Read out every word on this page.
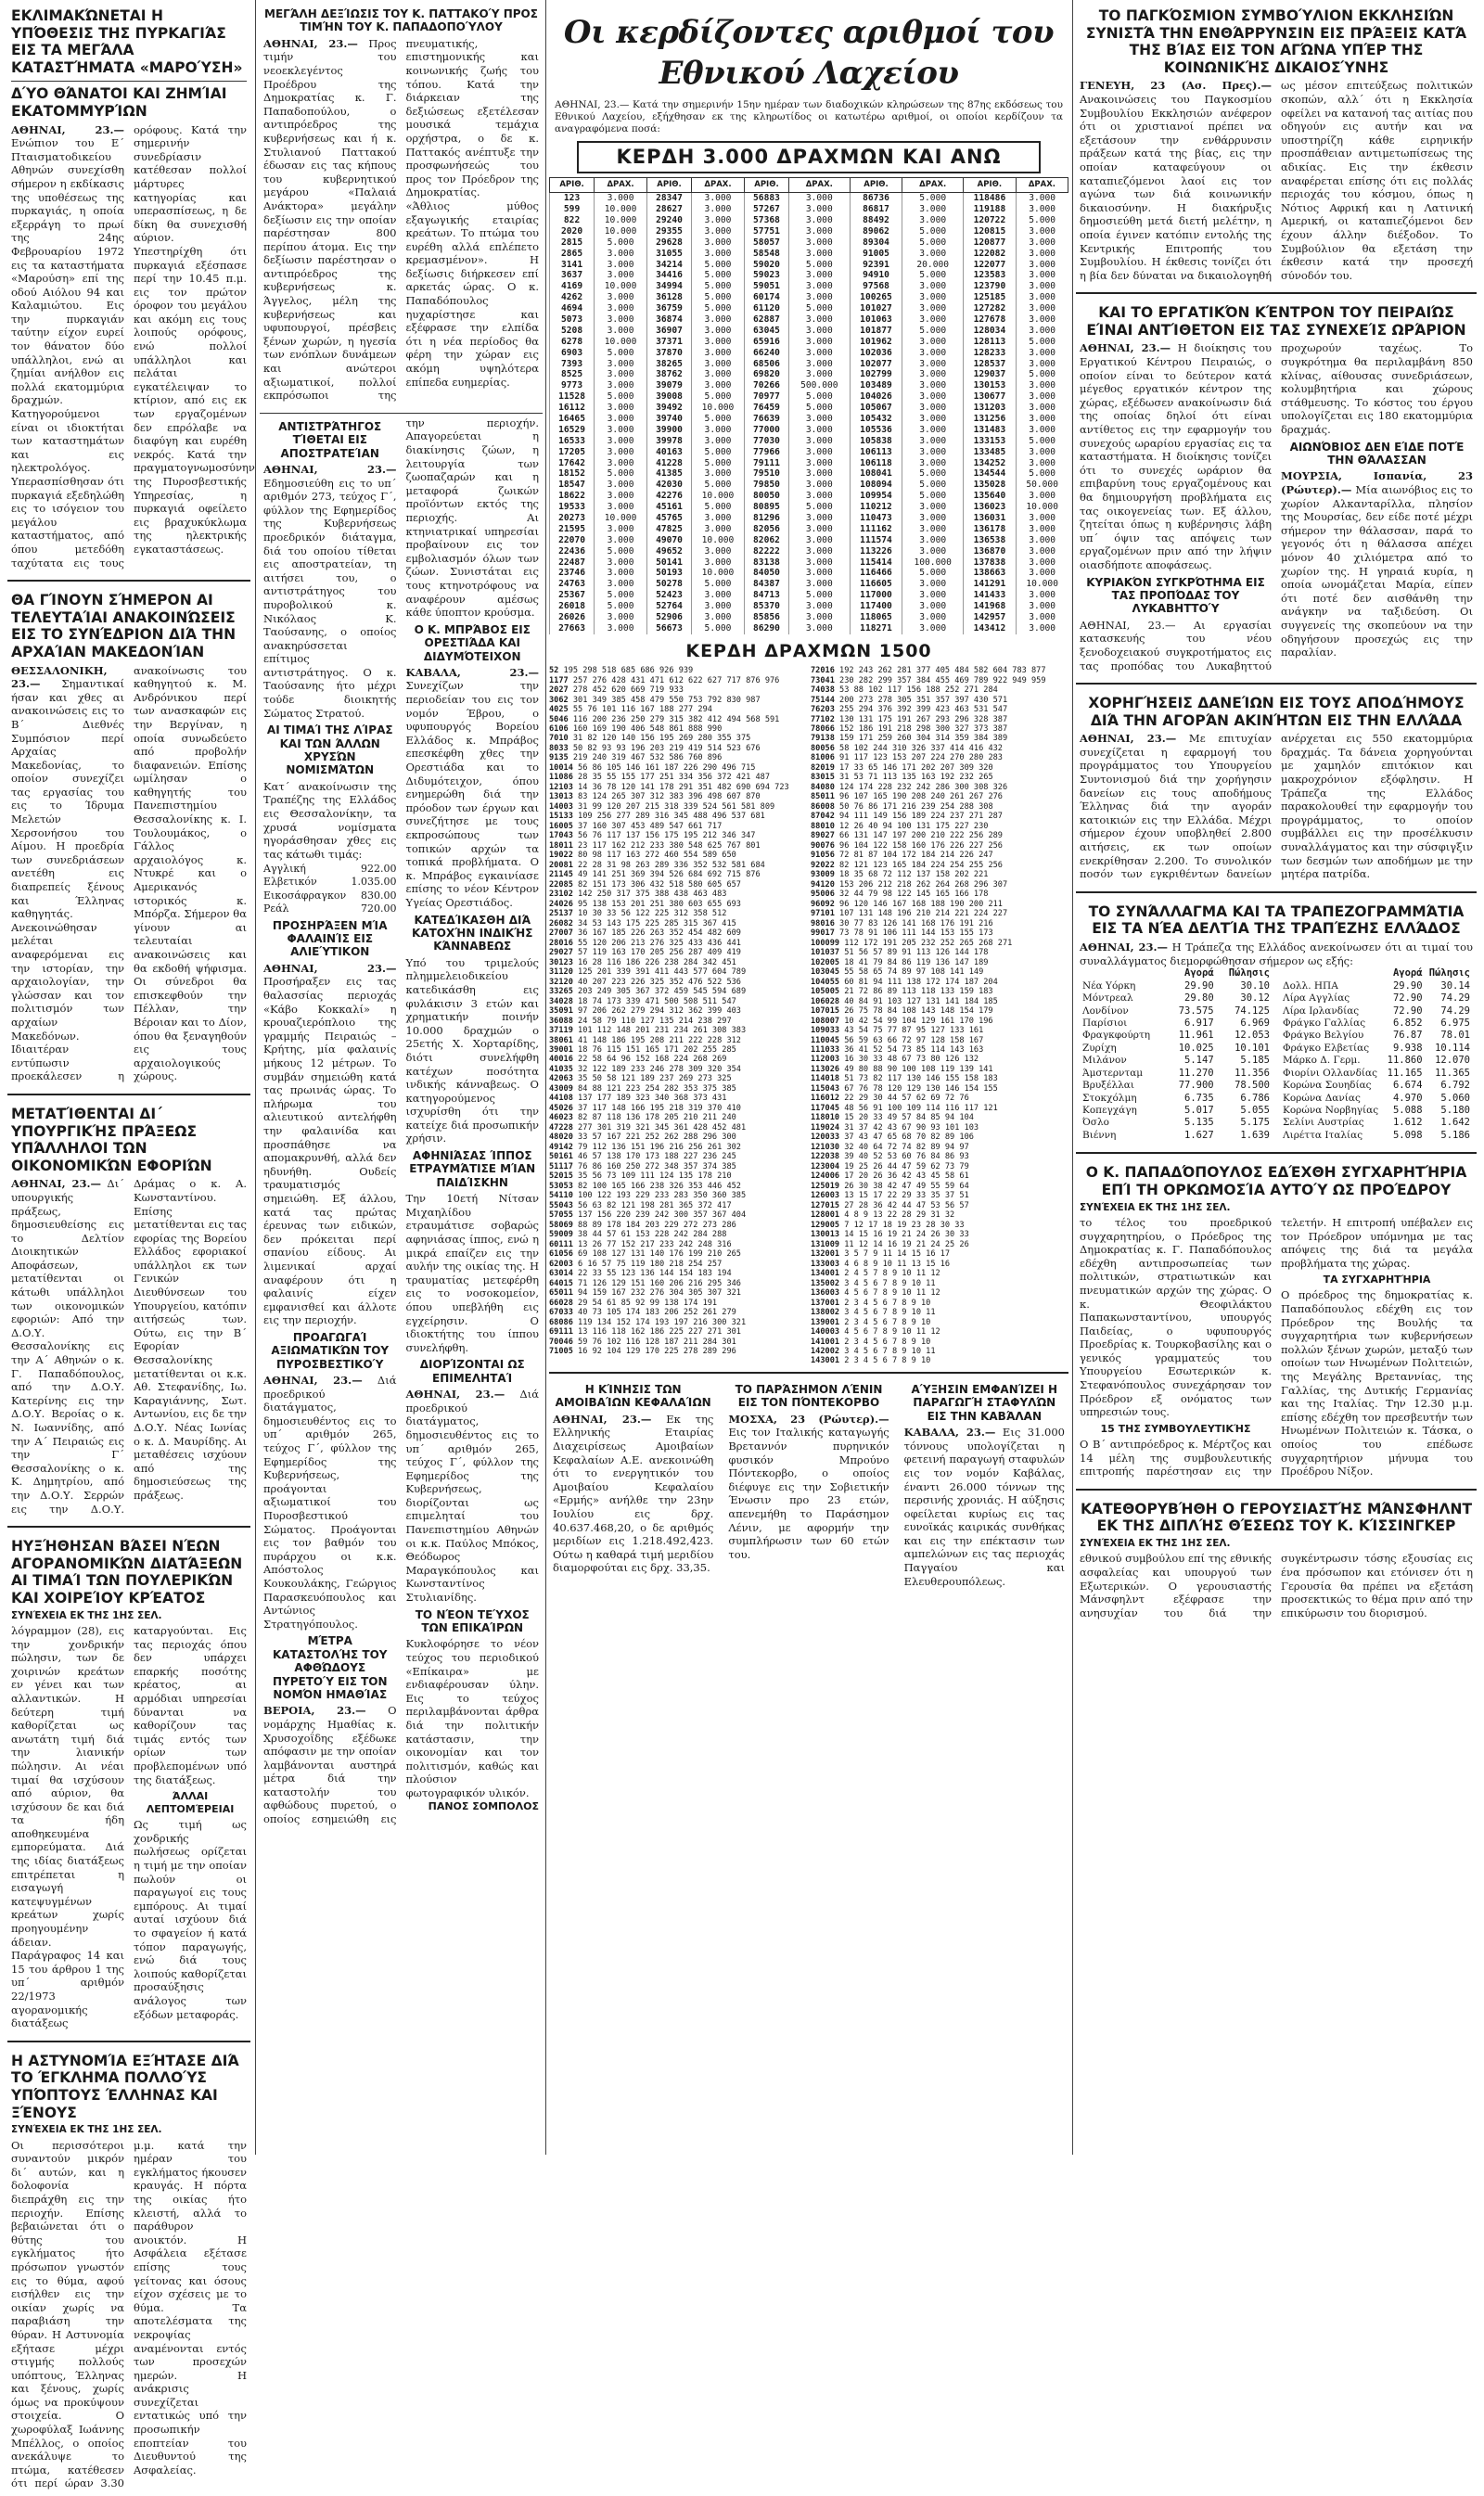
ΕΚΛΙΜΑΚΏΝΕΤΑΙ Η ΥΠΌΘΕΣΙΣ ΤΗΣ ΠΥΡΚΑΓΙΆΣ ΕΙΣ ΤΑ ΜΕΓΆΛΑ ΚΑΤΑΣΤΉΜΑΤΑ «ΜΑΡΟΎΣΗ»
ΔΎΟ ΘΆΝΑΤΟΙ ΚΑΙ ΖΗΜΊΑΙ ΕΚΑΤΟΜΜΥΡΊΩΝ

ΑΘΗΝΑΙ, 23.— Ενώπιον του Ε΄ Πταισματοδικείου Αθηνών συνεχίσθη σήμερον η εκδίκασις της υποθέσεως της πυρκαγιάς, η οποία εξερράγη το πρωί της 24ης Φεβρουαρίου 1972 εις τα καταστήματα «Μαρούση» επί της οδού Αιόλου 94 και Καλαμιώτου. Εις την πυρκαγιάν ταύτην είχον ευρεί τον θάνατον δύο υπάλληλοι, ενώ αι ζημίαι ανήλθον εις πολλά εκατομμύρια δραχμών. Κατηγορούμενοι είναι οι ιδιοκτήται των καταστημάτων και εις ηλεκτρολόγος. Υπερασπίσθησαν ότι πυρκαγιά εξεδηλώθη εις το ισόγειον του μεγάλου καταστήματος, από όπου μετεδόθη ταχύτατα εις τους ορόφους. Κατά την σημερινήν συνεδρίασιν κατέθεσαν πολλοί μάρτυρες κατηγορίας και υπερασπίσεως, η δε δίκη θα συνεχισθή αύριον.

Υπεστηρίχθη ότι πυρκαγιά εξέσπασε περί την 10.45 π.μ. εις τον πρώτον όροφον του μεγάλου και ακόμη εις τους λοιπούς ορόφους, ενώ πολλοί υπάλληλοι και πελάται εγκατέλειψαν το κτίριον, από εις εκ των εργαζομένων δεν επρόλαβε να διαφύγη και ευρέθη νεκρός. Κατά την πραγματογνωμοσύνην της Πυροσβεστικής Υπηρεσίας, η πυρκαγιά οφείλετο εις βραχυκύκλωμα της ηλεκτρικής εγκαταστάσεως.

ΘΑ ΓΊΝΟΥΝ ΣΉΜΕΡΟΝ ΑΙ ΤΕΛΕΥΤΑΊΑΙ ΑΝΑΚΟΙΝΏΣΕΙΣ ΕΙΣ ΤΟ ΣΥΝΈΔΡΙΟΝ ΔΙΆ ΤΗΝ ΑΡΧΑΊΑΝ ΜΑΚΕΔΟΝΊΑΝ

ΘΕΣΣΑΛΟΝΙΚΗ, 23.— Σημαντικαί ήσαν και χθες αι ανακοινώσεις εις το Β΄ Διεθνές Συμπόσιον περί Αρχαίας Μακεδονίας, το οποίον συνεχίζει τας εργασίας του εις το Ίδρυμα Μελετών Χερσονήσου του Αίμου. Η προεδρία των συνεδριάσεων ανετέθη εις διαπρεπείς ξένους και Έλληνας καθηγητάς. Ανεκοινώθησαν μελέται αναφερόμεναι εις την ιστορίαν, την αρχαιολογίαν, την γλώσσαν και τον πολιτισμόν των αρχαίων Μακεδόνων. Ιδιαιτέραν εντύπωσιν προεκάλεσεν η ανακοίνωσις του καθηγητού κ. Μ. Ανδρόνικου περί των ανασκαφών εις την Βεργίναν, η οποία συνωδεύετο από προβολήν διαφανειών. Επίσης ωμίλησαν ο καθηγητής του Πανεπιστημίου Θεσσαλονίκης κ. Ι. Τουλουμάκος, ο Γάλλος αρχαιολόγος κ. Ντυκρέ και ο Αμερικανός ιστορικός κ. Μπόρζα. Σήμερον θα γίνουν αι τελευταίαι ανακοινώσεις και θα εκδοθή ψήφισμα. Οι σύνεδροι θα επισκεφθούν την Πέλλαν, την Βέροιαν και το Δίον, όπου θα ξεναγηθούν εις τους αρχαιολογικούς χώρους.

ΜΕΤΑΤΊΘΕΝΤΑΙ ΔΙ΄ ΥΠΟΥΡΓΙΚΉΣ ΠΡΆΞΕΩΣ ΥΠΆΛΛΗΛΟΙ ΤΩΝ ΟΙΚΟΝΟΜΙΚΏΝ ΕΦΟΡΙΏΝ

ΑΘΗΝΑΙ, 23.— Δι΄ υπουργικής πράξεως, δημοσιευθείσης εις το Δελτίον Διοικητικών Αποφάσεων, μετατίθενται οι κάτωθι υπάλληλοι των οικονομικών εφοριών: Από την Δ.Ο.Υ. Θεσσαλονίκης εις την Α΄ Αθηνών ο κ. Γ. Παπαδόπουλος, από την Δ.Ο.Υ. Κατερίνης εις την Δ.Ο.Υ. Βεροίας ο κ. Ν. Ιωαννίδης, από την Α΄ Πειραιώς εις την Γ΄ Θεσσαλονίκης ο κ. Κ. Δημητρίου, από την Δ.Ο.Υ. Σερρών εις την Δ.Ο.Υ. Δράμας ο κ. Α. Κωνσταντίνου. Επίσης μετατίθενται εις τας εφορίας της Βορείου Ελλάδος εφοριακοί υπάλληλοι εκ των Γενικών Διευθύνσεων του Υπουργείου, κατόπιν αιτήσεώς των. Ούτω, εις την Β΄ Εφορίαν Θεσσαλονίκης μετατίθενται οι κ.κ. Αθ. Στεφανίδης, Ιω. Καραγιάννης, Σωτ. Αντωνίου, εις δε την Δ.Ο.Υ. Νέας Ιωνίας ο κ. Δ. Μαυρίδης. Αι μεταθέσεις ισχύουν από της δημοσιεύσεως της πράξεως.

ΗΥΞΉΘΗΣΑΝ ΒΆΣΕΙ ΝΈΩΝ ΑΓΟΡΑΝΟΜΙΚΏΝ ΔΙΑΤΆΞΕΩΝ ΑΙ ΤΙΜΑΊ ΤΩΝ ΠΟΥΛΕΡΙΚΏΝ ΚΑΙ ΧΟΙΡΕΊΟΥ ΚΡΈΑΤΟΣ
ΣΥΝΈΧΕΙΑ ΕΚ ΤΗΣ 1ΗΣ ΣΕΛ.

λόγραμμον (28), εις την χονδρικήν πώλησιν, των δε χοιρινών κρεάτων εν γένει και των αλλαντικών. Η δεύτερη τιμή καθορίζεται ως ανωτάτη τιμή διά την λιανικήν πώλησιν. Αι νέαι τιμαί θα ισχύσουν από αύριον, θα ισχύσουν δε και διά τα ήδη αποθηκευμένα εμπορεύματα. Διά της ιδίας διατάξεως επιτρέπεται η εισαγωγή κατεψυγμένων κρεάτων χωρίς προηγουμένην άδειαν. Παράγραφος 14 και 15 του άρθρου 1 της υπ΄ αριθμόν 22/1973 αγορανομικής διατάξεως καταργούνται. Εις τας περιοχάς όπου δεν υπάρχει επαρκής ποσότης κρέατος, αι αρμόδιαι υπηρεσίαι δύνανται να καθορίζουν τας τιμάς εντός των ορίων των προβλεπομένων υπό της διατάξεως.

ΆΛΛΑΙ ΛΕΠΤΟΜΈΡΕΙΑΙ

Ως τιμή ως χονδρικής πωλήσεως ορίζεται η τιμή με την οποίαν πωλούν οι παραγωγοί εις τους εμπόρους. Αι τιμαί αυταί ισχύουν διά το σφαγείον ή κατά τόπον παραγωγής, ενώ διά τους λοιπούς καθορίζεται προσαύξησις ανάλογος των εξόδων μεταφοράς.

Η ΑΣΤΥΝΟΜΊΑ ΕΞΉΤΑΣΕ ΔΙΆ ΤΟ ΈΓΚΛΗΜΑ ΠΟΛΛΟΎΣ ΥΠΌΠΤΟΥΣ ΈΛΛΗΝΑΣ ΚΑΙ ΞΈΝΟΥΣ
ΣΥΝΈΧΕΙΑ ΕΚ ΤΗΣ 1ΗΣ ΣΕΛ.

Οι περισσότεροι συναντούν μικρόν δι΄ αυτών, και η δολοφονία διεπράχθη εις την περιοχήν. Επίσης βεβαιώνεται ότι ο θύτης του εγκλήματος ήτο πρόσωπον γνωστόν εις το θύμα, αφού εισήλθεν εις την οικίαν χωρίς να παραβιάση την θύραν. Η Αστυνομία εξήτασε μέχρι στιγμής πολλούς υπόπτους, Έλληνας και ξένους, χωρίς όμως να προκύψουν στοιχεία. Ο χωροφύλαξ Ιωάννης Μπέλλος, ο οποίος ανεκάλυψε το πτώμα, κατέθεσεν ότι περί ώραν 3.30 μ.μ. κατά την ημέραν του εγκλήματος ήκουσεν κραυγάς. Η πόρτα της οικίας ήτο κλειστή, αλλά το παράθυρον ανοικτόν. Η Ασφάλεια εξέτασε επίσης τους γείτονας και όσους είχον σχέσεις με το θύμα. Τα αποτελέσματα της νεκροψίας αναμένονται εντός των προσεχών ημερών. Η ανάκρισις συνεχίζεται εντατικώς υπό την προσωπικήν εποπτείαν του Διευθυντού της Ασφαλείας.

ΜΕΓΆΛΗ ΔΕΞΊΩΣΙΣ ΤΟΥ Κ. ΠΑΤΤΑΚΟΎ ΠΡΟΣ ΤΙΜΉΝ ΤΟΥ Κ. ΠΑΠΑΔΟΠΟΎΛΟΥ

ΑΘΗΝΑΙ, 23.— Προς τιμήν του νεοεκλεγέντος Προέδρου της Δημοκρατίας κ. Γ. Παπαδοπούλου, ο αντιπρόεδρος της κυβερνήσεως και ή κ. Στυλιανού Παττακού έδωσαν εις τας κήπους του κυβερνητικού μεγάρου «Παλαιά Ανάκτορα» μεγάλην δεξίωσιν εις την οποίαν παρέστησαν 800 περίπου άτομα. Εις την δεξίωσιν παρέστησαν ο αντιπρόεδρος της κυβερνήσεως κ. Άγγελος, μέλη της κυβερνήσεως και υφυπουργοί, πρέσβεις ξένων χωρών, η ηγεσία των ενόπλων δυνάμεων και ανώτεροι αξιωματικοί, πολλοί εκπρόσωποι της πνευματικής, επιστημονικής και κοινωνικής ζωής του τόπου. Κατά την διάρκειαν της δεξιώσεως εξετέλεσαν μουσικά τεμάχια ορχήστρα, ο δε κ. Παττακός ανέπτυξε την προσφωνήσεώς του προς τον Πρόεδρον της Δημοκρατίας.

«Άθλιος μύθος εξαγωγικής εταιρίας κρεάτων. Το πτώμα του ευρέθη αλλά επλέπετο κρεμασμένον». Η δεξίωσις διήρκεσεν επί αρκετάς ώρας. Ο κ. Παπαδόπουλος ηυχαρίστησε και εξέφρασε την ελπίδα ότι η νέα περίοδος θα φέρη την χώραν εις ακόμη υψηλότερα επίπεδα ευημερίας.

ΑΝΤΙΣΤΡΆΤΗΓΟΣ ΤΊΘΕΤΑΙ ΕΙΣ ΑΠΟΣΤΡΑΤΕΊΑΝ

ΑΘΗΝΑΙ, 23.— Εδημοσιεύθη εις το υπ΄ αριθμόν 273, τεύχος Γ΄, φύλλον της Εφημερίδος της Κυβερνήσεως προεδρικόν διάταγμα, διά του οποίου τίθεται εις αποστρατείαν, τη αιτήσει του, ο αντιστράτηγος του πυροβολικού κ. Νικόλαος Κ. Ταούσανης, ο οποίος ανακηρύσσεται επίτιμος αντιστράτηγος. Ο κ. Ταούσανης ήτο μέχρι τούδε διοικητής Σώματος Στρατού.

ΑΙ ΤΙΜΑΊ ΤΗΣ ΛΊΡΑΣ ΚΑΙ ΤΩΝ ΆΛΛΩΝ ΧΡΥΣΏΝ ΝΟΜΙΣΜΆΤΩΝ

Κατ΄ ανακοίνωσιν της Τραπέζης της Ελλάδος εις Θεσσαλονίκην, τα χρυσά νομίσματα ηγοράσθησαν χθες εις τας κάτωθι τιμάς:

Αγγλική	922.00
Ελβετικόν	1.035.00
Εικοσάφραγκον 830.00
Ρεάλ	720.00
ΠΡΟΣΗΡΆΞΕΝ ΜΊΑ ΦΑΛΑΙΝΊΣ ΕΙΣ ΑΛΙΕΎΤΙΚΟΝ

ΑΘΗΝΑΙ, 23.— Προσήραξεν εις τας θαλασσίας περιοχάς «Κάβο Κοκκαλί» η κρουαζιερόπλοιο της γραμμής Πειραιώς – Κρήτης, μία φαλαινίς μήκους 12 μέτρων. Το συμβάν σημειώθη κατά τας πρωινάς ώρας. Το πλήρωμα του αλιευτικού αντελήφθη την φαλαινίδα και προσπάθησε να απομακρυνθή, αλλά δεν ηδυνήθη. Ουδείς τραυματισμός σημειώθη. Εξ άλλου, κατά τας πρώτας έρευνας των ειδικών, δεν πρόκειται περί σπανίου είδους. Αι λιμενικαί αρχαί αναφέρουν ότι η φαλαινίς είχεν εμφανισθεί και άλλοτε εις την περιοχήν.

ΠΡΟΑΓΩΓΑΊ ΑΞΙΩΜΑΤΙΚΏΝ ΤΟΥ ΠΥΡΟΣΒΕΣΤΙΚΟΎ

ΑΘΗΝΑΙ, 23.— Διά προεδρικού διατάγματος, δημοσιευθέντος εις το υπ΄ αριθμόν 265, τεύχος Γ΄, φύλλον της Εφημερίδος της Κυβερνήσεως, προάγονται αξιωματικοί του Πυροσβεστικού Σώματος. Προάγονται εις τον βαθμόν του πυράρχου οι κ.κ. Απόστολος Κουκουλάκης, Γεώργιος Παρασκευόπουλος και Αντώνιος Στρατηγόπουλος.

ΜΈΤΡΑ ΚΑΤΑΣΤΟΛΉΣ ΤΟΥ ΑΦΘΏΔΟΥΣ ΠΥΡΕΤΟΎ ΕΙΣ ΤΟΝ ΝΟΜΌΝ ΗΜΑΘΊΑΣ

ΒΕΡΟΙΑ, 23.— Ο νομάρχης Ημαθίας κ. Χρυσοχοΐδης εξέδωκε απόφασιν με την οποίαν λαμβάνονται αυστηρά μέτρα διά την καταστολήν του αφθώδους πυρετού, ο οποίος εσημειώθη εις την περιοχήν. Απαγορεύεται η διακίνησις ζώων, η λειτουργία των ζωοπαζαρών και η μεταφορά ζωικών προϊόντων εκτός της περιοχής. Αι κτηνιατρικαί υπηρεσίαι προβαίνουν εις τον εμβολιασμόν όλων των ζώων. Συνιστάται εις τους κτηνοτρόφους να αναφέρουν αμέσως κάθε ύποπτον κρούσμα.

Ο Κ. ΜΠΡΆΒΟΣ ΕΙΣ ΟΡΕΣΤΙΆΔΑ ΚΑΙ ΔΙΔΥΜΌΤΕΙΧΟΝ

ΚΑΒΑΛΑ, 23.— Συνεχίζων την περιοδείαν του εις τον νομόν Έβρου, ο υφυπουργός Βορείου Ελλάδος κ. Μπράβος επεσκέφθη χθες την Ορεστιάδα και το Διδυμότειχον, όπου ενημερώθη διά την πρόοδον των έργων και συνεζήτησε με τους εκπροσώπους των τοπικών αρχών τα τοπικά προβλήματα. Ο κ. Μπράβος εγκαινίασε επίσης το νέον Κέντρον Υγείας Ορεστιάδος.

ΚΑΤΕΔΊΚΑΣΘΗ ΔΙΆ ΚΑΤΟΧΉΝ ΙΝΔΙΚΉΣ ΚΆΝΝΑΒΕΩΣ

Υπό του τριμελούς πλημμελειοδικείου κατεδικάσθη εις φυλάκισιν 3 ετών και χρηματικήν ποινήν 10.000 δραχμών ο 25ετής Χ. Χορταρίδης, διότι συνελήφθη κατέχων ποσότητα ινδικής κάνναβεως. Ο κατηγορούμενος ισχυρίσθη ότι την κατείχε διά προσωπικήν χρήσιν.

ΑΦΗΝΙΆΣΑΣ ΊΠΠΟΣ ΕΤΡΑΥΜΆΤΙΣΕ ΜΊΑΝ ΠΑΙΔΊΣΚΗΝ

Την 10ετή Νίτσαν Μιχαηλίδου ετραυμάτισε σοβαρώς αφηνιάσας ίππος, ενώ η μικρά επαίζεν εις την αυλήν της οικίας της. Η τραυματίας μετεφέρθη εις το νοσοκομείον, όπου υπεβλήθη εις εγχείρησιν. Ο ιδιοκτήτης του ίππου συνελήφθη.

ΔΙΟΡΊΖΟΝΤΑΙ ΩΣ ΕΠΙΜΕΛΗΤΑΊ

ΑΘΗΝΑΙ, 23.— Διά προεδρικού διατάγματος, δημοσιευθέντος εις το υπ΄ αριθμόν 265, τεύχος Γ΄, φύλλον της Εφημερίδος της Κυβερνήσεως, διορίζονται ως επιμεληταί του Πανεπιστημίου Αθηνών οι κ.κ. Παύλος Μπόκος, Θεόδωρος Μαραγκόπουλος και Κωνσταντίνος Στυλιανίδης.

ΤΟ ΝΈΟΝ ΤΕΎΧΟΣ ΤΩΝ ΕΠΙΚΑΊΡΩΝ

Κυκλοφόρησε το νέον τεύχος του περιοδικού «Επίκαιρα» με ενδιαφέρουσαν ύλην. Εις το τεύχος περιλαμβάνονται άρθρα διά την πολιτικήν κατάστασιν, την οικονομίαν και τον πολιτισμόν, καθώς και πλούσιον φωτογραφικόν υλικόν.

ΠΑΝΟΣ ΣΟΜΠΟΛΟΣ
Οι κερδίζοντες αριθμοί του Εθνικού Λαχείου

ΑΘΗΝΑΙ, 23.— Κατά την σημερινήν 15ην ημέραν των διαδοχικών κληρώσεων της 87ης εκδόσεως του Εθνικού Λαχείου, εξήχθησαν εκ της κληρωτίδος οι κατωτέρω αριθμοί, οι οποίοι κερδίζουν τα αναγραφόμενα ποσά:

ΚΕΡΔΗ 3.000 ΔΡΑΧΜΩΝ ΚΑΙ ΑΝΩ
ΑΡΙΘ.	ΔΡΑΧ.	ΑΡΙΘ.	ΔΡΑΧ.	ΑΡΙΘ.	ΔΡΑΧ.	ΑΡΙΘ.	ΔΡΑΧ.	ΑΡΙΘ.	ΔΡΑΧ.
123	3.000	28347	3.000	56883	3.000	86736	5.000	118486	3.000
599	10.000	28627	3.000	57267	3.000	86817	3.000	119188	3.000
822	10.000	29240	3.000	57368	3.000	88492	3.000	120722	5.000
2020	10.000	29355	3.000	57751	3.000	89062	5.000	120815	3.000
2815	5.000	29628	3.000	58057	3.000	89304	5.000	120877	3.000
2865	3.000	31055	3.000	58548	3.000	91005	3.000	122082	3.000
3141	3.000	34214	5.000	59020	5.000	92391	20.000	122077	3.000
3637	3.000	34416	5.000	59023	3.000	94910	5.000	123583	3.000
4169	10.000	34994	5.000	59051	3.000	97568	3.000	123790	3.000
4262	3.000	36128	5.000	60174	3.000	100265	3.000	125185	3.000
4694	3.000	36759	5.000	61120	5.000	101027	3.000	127282	3.000
5073	3.000	36874	3.000	62887	3.000	101063	3.000	127678	3.000
5208	3.000	36907	3.000	63045	3.000	101877	5.000	128034	3.000
6278	10.000	37371	3.000	65916	3.000	101962	3.000	128113	5.000
6903	5.000	37870	3.000	66240	3.000	102036	3.000	128233	3.000
7393	3.000	38265	3.000	68506	3.000	102077	3.000	128537	3.000
8525	3.000	38762	3.000	69820	3.000	102799	3.000	129037	5.000
9773	3.000	39079	3.000	70266	500.000	103489	3.000	130153	3.000
11528	5.000	39008	5.000	70977	5.000	104026	3.000	130677	3.000
16112	3.000	39492	10.000	76459	5.000	105067	3.000	131203	3.000
16465	3.000	39740	5.000	76639	3.000	105432	3.000	131256	3.000
16529	3.000	39900	3.000	77000	3.000	105536	3.000	131483	3.000
16533	3.000	39978	3.000	77030	3.000	105838	3.000	133153	5.000
17205	3.000	40163	5.000	77966	3.000	106113	3.000	133485	3.000
17642	3.000	41228	5.000	79111	3.000	106118	3.000	134252	3.000
18152	5.000	41385	3.000	79510	3.000	108041	5.000	134544	5.000
18547	3.000	42030	5.000	79850	3.000	108094	5.000	135028	50.000
18622	3.000	42276	10.000	80050	3.000	109954	5.000	135640	3.000
19533	3.000	45161	5.000	80895	5.000	110212	3.000	136023	10.000
20273	10.000	45765	3.000	81296	3.000	110473	3.000	136031	3.000
21595	3.000	47825	3.000	82056	3.000	111162	3.000	136178	3.000
22070	3.000	49070	10.000	82062	3.000	111574	3.000	136538	3.000
22436	5.000	49652	3.000	82222	3.000	113226	3.000	136870	3.000
22487	3.000	50141	3.000	83138	3.000	115414	100.000	137838	3.000
23746	3.000	50193	10.000	84050	3.000	116466	5.000	138663	3.000
24763	3.000	50278	5.000	84387	3.000	116605	3.000	141291	10.000
25367	5.000	52423	3.000	84713	5.000	117000	3.000	141433	3.000
26018	5.000	52764	3.000	85370	3.000	117400	3.000	141968	3.000
26026	3.000	52906	3.000	85856	3.000	118065	3.000	142957	3.000
27663	3.000	56673	5.000	86290	3.000	118271	3.000	143412	3.000
ΚΕΡΔΗ ΔΡΑΧΜΩΝ 1500
52 195 298 518 685 686 926 939
1177 257 276 428 431 471 612 622 627 717 876 976
2027 278 452 620 669 719 933
3062 301 349 385 458 479 550 753 792 830 987
4025 55 76 101 116 167 188 277 294
5046 116 200 236 250 279 315 382 412 494 568 591
6106 160 169 190 406 548 861 888 990
7010 31 82 120 140 156 195 269 280 355 375
8033 50 82 93 93 196 203 219 419 514 523 676
9135 219 240 319 467 532 586 760 896
10014 56 86 105 146 161 187 226 290 496 715
11086 28 35 55 155 177 251 334 356 372 421 487
12103 14 36 78 120 141 178 291 351 482 690 694 723
13013 83 124 265 307 312 383 396 498 607 870
14003 31 99 120 207 215 318 339 524 561 581 809
15133 109 256 277 289 316 345 488 496 537 681
16005 37 160 307 453 489 547 661 717
17043 56 76 117 137 156 175 195 212 346 347
18011 23 117 162 212 233 380 548 625 767 801
19022 80 98 117 163 272 460 554 589 650
20081 22 28 31 98 263 289 336 352 532 581 684
21145 49 141 251 369 394 526 684 692 715 876
22085 82 151 173 306 432 518 580 605 657
23102 142 250 317 375 388 438 463 483
24026 95 138 153 201 251 380 603 655 693
25137 10 30 33 56 122 225 312 358 512
26082 34 53 143 175 225 285 315 367 415
27007 36 167 185 226 263 352 454 482 609
28016 55 120 206 213 276 325 433 436 441
29027 57 119 163 170 205 256 287 409 419
30123 16 28 116 186 226 238 284 342 451
31120 125 201 339 391 411 443 577 604 789
32120 40 207 223 226 325 352 476 522 536
33265 203 249 305 367 372 459 545 594 689
34028 18 74 173 339 471 500 508 511 547
35091 97 206 262 279 294 312 362 399 403
36088 24 58 79 110 127 135 214 238 297
37119 101 112 148 201 231 234 261 308 383
38061 41 148 186 195 208 211 222 228 312
39001 18 76 115 151 165 171 202 255 285
40016 22 58 64 96 152 168 224 268 269
41035 32 122 189 233 246 278 309 320 354
42063 35 50 58 121 189 237 269 273 325
43009 84 88 121 223 254 282 353 375 385
44108 137 177 189 323 340 368 373 431
45026 37 117 148 166 195 218 319 370 410
46023 82 87 118 136 178 205 210 211 240
47228 277 301 319 321 345 361 428 452 481
48020 33 57 167 221 252 262 288 296 300
49142 79 112 136 151 196 216 256 261 302
50161 46 57 138 170 173 188 227 236 245
51117 76 86 160 250 272 348 357 374 385
52015 35 56 73 109 111 124 135 178 210
53053 82 100 165 166 238 326 353 446 452
54110 100 122 193 229 233 283 350 360 385
55043 56 63 82 121 198 281 365 372 417
57055 137 156 220 239 242 300 357 367 404
58069 88 89 178 184 203 229 272 273 286
59009 38 44 57 61 153 228 242 284 288
60111 13 26 77 152 217 233 242 248 316
61056 69 108 127 131 140 176 199 210 265
62003 6 16 57 75 119 180 218 254 257
63014 22 33 55 123 136 144 154 183 194
64015 71 126 129 151 160 206 216 295 346
65011 94 159 167 232 276 304 305 307 321
66028 29 54 61 85 92 99 138 174 191
67033 40 73 105 174 183 206 252 261 279
68086 119 134 152 174 193 197 216 300 321
69111 13 116 118 162 186 225 227 271 301
70046 59 76 102 116 128 187 211 284 301
71005 16 92 104 129 170 225 278 289 296
72016 192 243 262 281 377 405 484 582 604 783 877
73041 230 282 299 357 384 455 469 789 922 949 959
74038 53 88 102 117 156 188 252 271 284
75144 200 273 278 305 351 357 397 430 571
76203 255 294 376 392 399 423 463 531 547
77102 130 131 175 191 267 293 296 328 387
78066 152 186 191 218 298 300 327 373 387
79138 159 171 259 260 304 314 359 384 389
80056 58 102 244 310 326 337 414 416 432
81006 91 117 123 153 207 224 270 280 283
82019 17 33 65 146 171 202 207 309 320
83015 31 53 71 113 135 163 192 232 265
84080 124 174 228 232 242 286 300 308 326
85011 96 107 165 190 208 240 261 267 276
86008 50 76 86 171 216 239 254 288 308
87042 94 111 149 156 189 224 237 271 287
88010 12 26 40 94 100 131 175 227 230
89027 66 131 147 197 200 210 222 256 289
90076 96 104 122 158 160 176 226 227 256
91056 72 81 87 104 172 184 214 226 247
92022 82 121 123 165 184 224 254 255 256
93009 18 35 68 72 112 137 158 202 221
94120 153 206 212 218 262 264 268 296 307
95006 32 44 79 98 122 145 165 166 178
96092 96 120 146 167 168 188 190 200 211
97101 107 131 148 196 210 214 221 224 227
98016 30 77 83 126 141 168 176 191 216
99017 73 78 91 106 111 144 153 155 173
100099 112 172 191 205 232 252 265 268 271
101037 51 56 57 89 91 113 126 144 178
102005 18 41 79 84 86 119 136 147 189
103045 55 58 65 74 89 97 108 141 149
104055 60 81 94 111 138 172 174 187 204
105005 21 72 86 89 113 118 133 159 183
106028 40 84 91 103 127 131 141 184 185
107015 26 75 78 84 108 143 148 154 179
108007 10 42 54 99 104 129 161 170 196
109033 43 54 75 77 87 95 127 133 161
110045 56 59 63 66 72 97 128 158 167
111033 36 41 52 54 73 85 114 143 163
112003 16 30 33 48 67 73 80 126 132
113026 49 80 88 90 100 108 119 139 141
114018 51 73 82 117 130 146 155 158 183
115043 67 76 78 120 129 130 146 154 155
116012 22 29 30 44 57 62 69 72 76
117045 48 56 91 100 109 114 116 117 121
118010 15 20 33 49 57 84 85 94 104
119024 31 37 42 43 67 90 93 101 103
120033 37 43 47 65 68 70 82 89 106
121030 32 40 64 72 74 82 89 94 97
122038 39 40 52 53 60 76 84 86 93
123004 19 25 26 44 47 59 62 73 79
124006 17 20 26 36 42 43 45 58 61
125019 26 30 38 42 47 49 55 59 64
126003 13 15 17 22 29 33 35 37 51
127015 27 28 36 42 44 47 53 56 57
128001 4 8 9 13 22 28 29 31 32
129005 7 12 17 18 19 23 28 30 33
130013 14 15 16 19 21 24 26 30 33
131009 11 12 14 16 19 21 24 25 26
132001 3 5 7 9 11 14 15 16 17
133003 4 6 8 9 10 11 13 15 16
134001 2 4 5 7 8 9 10 11 12
135002 3 4 5 6 7 8 9 10 11
136003 4 5 6 7 8 9 10 11 12
137001 2 3 4 5 6 7 8 9 10
138002 3 4 5 6 7 8 9 10 11
139001 2 3 4 5 6 7 8 9 10
140003 4 5 6 7 8 9 10 11 12
141001 2 3 4 5 6 7 8 9 10
142002 3 4 5 6 7 8 9 10 11
143001 2 3 4 5 6 7 8 9 10
Η ΚΊΝΗΣΙΣ ΤΩΝ ΑΜΟΙΒΑΊΩΝ ΚΕΦΑΛΑΊΩΝ

ΑΘΗΝΑΙ, 23.— Εκ της Ελληνικής Εταιρίας Διαχειρίσεως Αμοιβαίων Κεφαλαίων Α.Ε. ανεκοινώθη ότι το ενεργητικόν του Αμοιβαίου Κεφαλαίου «Ερμής» ανήλθε την 23ην Ιουλίου εις δρχ. 40.637.468,20, ο δε αριθμός μεριδίων εις 1.218.492,423. Ούτω η καθαρά τιμή μεριδίου διαμορφούται εις δρχ. 33,35.

ΤΟ ΠΑΡΆΣΗΜΟΝ ΛΈΝΙΝ ΕΙΣ ΤΟΝ ΠΌΝΤΕΚΟΡΒΟ

ΜΟΣΧΑ, 23 (Ρώυτερ).— Εις τον Ιταλικής καταγωγής Βρεταννόν πυρηνικόν φυσικόν Μπρούνο Πόντεκορβο, ο οποίος διέφυγε εις την Σοβιετικήν Ένωσιν προ 23 ετών, απενεμήθη το Παράσημον Λένιν, με αφορμήν την συμπλήρωσιν των 60 ετών του.

ΑΎΞΗΣΙΝ ΕΜΦΑΝΊΖΕΙ Η ΠΑΡΑΓΩΓΉ ΣΤΑΦΥΛΏΝ ΕΙΣ ΤΗΝ ΚΑΒΆΛΑΝ

ΚΑΒΑΛΑ, 23.— Εις 31.000 τόννους υπολογίζεται η φετεινή παραγωγή σταφυλών εις τον νομόν Καβάλας, έναντι 26.000 τόννων της περσινής χρονιάς. Η αύξησις οφείλεται κυρίως εις τας ευνοϊκάς καιρικάς συνθήκας και εις την επέκτασιν των αμπελώνων εις τας περιοχάς Παγγαίου και Ελευθερουπόλεως.

ΤΟ ΠΑΓΚΌΣΜΙΟΝ ΣΥΜΒΟΎΛΙΟΝ ΕΚΚΛΗΣΙΏΝ ΣΥΝΙΣΤΆ ΤΗΝ ΕΝΘΆΡΡΥΝΣΙΝ ΕΙΣ ΠΡΆΞΕΙΣ ΚΑΤΆ ΤΗΣ ΒΊΑΣ ΕΙΣ ΤΟΝ ΑΓΏΝΑ ΥΠΈΡ ΤΗΣ ΚΟΙΝΩΝΙΚΉΣ ΔΙΚΑΙΟΣΎΝΗΣ

ΓΕΝΕΥΗ, 23 (Ασ. Πρες).— Ανακοινώσεις του Παγκοσμίου Συμβουλίου Εκκλησιών ανέφερον ότι οι χριστιανοί πρέπει να εξετάσουν την ενθάρρυνσιν πράξεων κατά της βίας, εις την οποίαν καταφεύγουν οι καταπιεζόμενοι λαοί εις τον αγώνα των διά κοινωνικήν δικαιοσύνην. Η διακήρυξις δημοσιεύθη μετά διετή μελέτην, η οποία έγινεν κατόπιν εντολής της Κεντρικής Επιτροπής του Συμβουλίου. Η έκθεσις τονίζει ότι η βία δεν δύναται να δικαιολογηθή ως μέσον επιτεύξεως πολιτικών σκοπών, αλλ΄ ότι η Εκκλησία οφείλει να κατανοή τας αιτίας που οδηγούν εις αυτήν και να υποστηρίζη κάθε ειρηνικήν προσπάθειαν αντιμετωπίσεως της αδικίας. Εις την έκθεσιν αναφέρεται επίσης ότι εις πολλάς περιοχάς του κόσμου, όπως η Νότιος Αφρική και η Λατινική Αμερική, οι καταπιεζόμενοι δεν έχουν άλλην διέξοδον. Το Συμβούλιον θα εξετάση την έκθεσιν κατά την προσεχή σύνοδόν του.

ΚΑΙ ΤΟ ΕΡΓΑΤΙΚΌΝ ΚΈΝΤΡΟΝ ΤΟΥ ΠΕΙΡΑΙΏΣ ΕΊΝΑΙ ΑΝΤΊΘΕΤΟΝ ΕΙΣ ΤΑΣ ΣΥΝΕΧΕΊΣ ΩΡΆΡΙΟΝ

ΑΘΗΝΑΙ, 23.— Η διοίκησις του Εργατικού Κέντρου Πειραιώς, ο οποίον είναι το δεύτερον κατά μέγεθος εργατικόν κέντρον της χώρας, εξέδωσεν ανακοίνωσιν διά της οποίας δηλοί ότι είναι αντίθετος εις την εφαρμογήν του συνεχούς ωραρίου εργασίας εις τα καταστήματα. Η διοίκησις τονίζει ότι το συνεχές ωράριον θα επιβαρύνη τους εργαζομένους και θα δημιουργήση προβλήματα εις τας οικογενείας των. Εξ άλλου, ζητείται όπως η κυβέρνησις λάβη υπ΄ όψιν τας απόψεις των εργαζομένων πριν από την λήψιν οιασδήποτε αποφάσεως.

ΚΥΡΙΑΚΌΝ ΣΥΓΚΡΌΤΗΜΑ ΕΙΣ ΤΑΣ ΠΡΟΠΌΔΑΣ ΤΟΥ ΛΥΚΑΒΗΤΤΟΎ

ΑΘΗΝΑΙ, 23.— Αι εργασίαι κατασκευής του νέου ξενοδοχειακού συγκροτήματος εις τας προπόδας του Λυκαβηττού προχωρούν ταχέως. Το συγκρότημα θα περιλαμβάνη 850 κλίνας, αίθουσας συνεδριάσεων, κολυμβητήρια και χώρους στάθμευσης. Το κόστος του έργου υπολογίζεται εις 180 εκατομμύρια δραχμάς.

ΑΙΩΝΌΒΙΟΣ ΔΕΝ ΕΊΔΕ ΠΟΤΈ ΤΗΝ ΘΆΛΑΣΣΑΝ

ΜΟΥΡΣΙΑ, Ισπανία, 23 (Ρώυτερ).— Μία αιωνόβιος εις το χωρίον Αλκανταρίλλα, πλησίον της Μουρσίας, δεν είδε ποτέ μέχρι σήμερον την θάλασσαν, παρά το γεγονός ότι η θάλασσα απέχει μόνον 40 χιλιόμετρα από το χωρίον της. Η γηραιά κυρία, η οποία ωνομάζεται Μαρία, είπεν ότι ποτέ δεν αισθάνθη την ανάγκην να ταξιδεύση. Οι συγγενείς της σκοπεύουν να την οδηγήσουν προσεχώς εις την παραλίαν.

ΧΟΡΗΓΉΣΕΙΣ ΔΑΝΕΊΩΝ ΕΙΣ ΤΟΥΣ ΑΠΟΔΉΜΟΥΣ ΔΙΆ ΤΗΝ ΑΓΟΡΆΝ ΑΚΙΝΉΤΩΝ ΕΙΣ ΤΗΝ ΕΛΛΆΔΑ

ΑΘΗΝΑΙ, 23.— Με επιτυχίαν συνεχίζεται η εφαρμογή του προγράμματος του Υπουργείου Συντονισμού διά την χορήγησιν δανείων εις τους αποδήμους Έλληνας διά την αγοράν κατοικιών εις την Ελλάδα. Μέχρι σήμερον έχουν υποβληθεί 2.800 αιτήσεις, εκ των οποίων ενεκρίθησαν 2.200. Το συνολικόν ποσόν των εγκριθέντων δανείων ανέρχεται εις 550 εκατομμύρια δραχμάς. Τα δάνεια χορηγούνται με χαμηλόν επιτόκιον και μακροχρόνιον εξόφλησιν. Η Τράπεζα της Ελλάδος παρακολουθεί την εφαρμογήν του προγράμματος, το οποίον συμβάλλει εις την προσέλκυσιν συναλλάγματος και την σύσφιγξιν των δεσμών των αποδήμων με την μητέρα πατρίδα.

ΤΟ ΣΥΝΆΛΛΑΓΜΑ ΚΑΙ ΤΑ ΤΡΑΠΕΖΟΓΡΑΜΜΆΤΙΑ ΕΙΣ ΤΑ ΝΈΑ ΔΕΛΤΊΑ ΤΗΣ ΤΡΑΠΈΖΗΣ ΕΛΛΆΔΟΣ

ΑΘΗΝΑΙ, 23.— Η Τράπεζα της Ελλάδος ανεκοίνωσεν ότι αι τιμαί του συναλλάγματος διεμορφώθησαν σήμερον ως εξής:

	Αγορά	Πώλησις
Νέα Υόρκη	29.90	30.10
Μόντρεαλ	29.80	30.12
Λονδίνον	73.575	74.125
Παρίσιοι	6.917	6.969
Φραγκφούρτη	11.961	12.053
Ζυρίχη	10.025	10.101
Μιλάνον	5.147	5.185
Άμστερνταμ	11.270	11.356
Βρυξέλλαι	77.900	78.500
Στοκχόλμη	6.735	6.786
Κοπεγχάγη	5.017	5.055
Όσλο	5.135	5.175
Βιέννη	1.627	1.639
	Αγορά	Πώλησις
Δολλ. ΗΠΑ	29.90	30.14
Λίρα Αγγλίας	72.90	74.29
Λίρα Ιρλανδίας	72.90	74.29
Φράγκο Γαλλίας	6.852	6.975
Φράγκο Βελγίου	76.87	78.01
Φράγκο Ελβετίας	9.938	10.114
Μάρκο Δ. Γερμ.	11.860	12.070
Φιορίνι Ολλανδίας	11.165	11.365
Κορώνα Σουηδίας	6.674	6.792
Κορώνα Δανίας	4.970	5.060
Κορώνα Νορβηγίας	5.088	5.180
Σελίνι Αυστρίας	1.612	1.642
Λιρέττα Ιταλίας	5.098	5.186
Ο Κ. ΠΑΠΑΔΌΠΟΥΛΟΣ ΕΔΈΧΘΗ ΣΥΓΧΑΡΗΤΉΡΙΑ ΕΠΊ ΤΗ ΟΡΚΩΜΟΣΊΑ ΑΥΤΟΎ ΩΣ ΠΡΟΈΔΡΟΥ
ΣΥΝΈΧΕΙΑ ΕΚ ΤΗΣ 1ΗΣ ΣΕΛ.

το τέλος του προεδρικού συγχαρητηρίου, ο Πρόεδρος της Δημοκρατίας κ. Γ. Παπαδόπουλος εδέχθη αντιπροσωπείας των πολιτικών, στρατιωτικών και πνευματικών αρχών της χώρας. Ο κ. Θεοφιλάκτου Παπακωνσταντίνου, υπουργός Παιδείας, ο υφυπουργός Προεδρίας κ. Τουρκοβασίλης και ο γενικός γραμματεύς του Υπουργείου Εσωτερικών κ. Στεφανόπουλος συνεχάρησαν τον Πρόεδρον εξ ονόματος των υπηρεσιών τους.

15 ΤΗΣ ΣΥΜΒΟΥΛΕΥΤΙΚΉΣ

Ο Β΄ αντιπρόεδρος κ. Μέρτζος και 14 μέλη της συμβουλευτικής επιτροπής παρέστησαν εις την τελετήν. Η επιτροπή υπέβαλεν εις τον Πρόεδρον υπόμνημα με τας απόψεις της διά τα μεγάλα προβλήματα της χώρας.

ΤΑ ΣΥΓΧΑΡΗΤΉΡΙΑ

Ο πρόεδρος της δημοκρατίας κ. Παπαδόπουλος εδέχθη εις τον Πρόεδρον της Βουλής τα συγχαρητήρια των κυβερνήσεων πολλών ξένων χωρών, μεταξύ των οποίων των Ηνωμένων Πολιτειών, της Μεγάλης Βρεταννίας, της Γαλλίας, της Δυτικής Γερμανίας και της Ιταλίας. Την 12.30 μ.μ. επίσης εδέχθη τον πρεσβευτήν των Ηνωμένων Πολιτειών κ. Τάσκα, ο οποίος του επέδωσε συγχαρητήριον μήνυμα του Προέδρου Νίξον.

ΚΑΤΕΘΟΡΥΒΉΘΗ Ο ΓΕΡΟΥΣΙΑΣΤΉΣ ΜΆΝΣΦΗΛΝΤ ΕΚ ΤΗΣ ΔΙΠΛΉΣ ΘΈΣΕΩΣ ΤΟΥ Κ. ΚΊΣΣΙΝΓΚΕΡ
ΣΥΝΈΧΕΙΑ ΕΚ ΤΗΣ 1ΗΣ ΣΕΛ.

εθνικού συμβούλου επί της εθνικής ασφαλείας και υπουργού των Εξωτερικών. Ο γερουσιαστής Μάνσφηλντ εξέφρασε την ανησυχίαν του διά την συγκέντρωσιν τόσης εξουσίας εις ένα πρόσωπον και ετόνισεν ότι η Γερουσία θα πρέπει να εξετάση προσεκτικώς το θέμα πριν από την επικύρωσιν του διορισμού.
